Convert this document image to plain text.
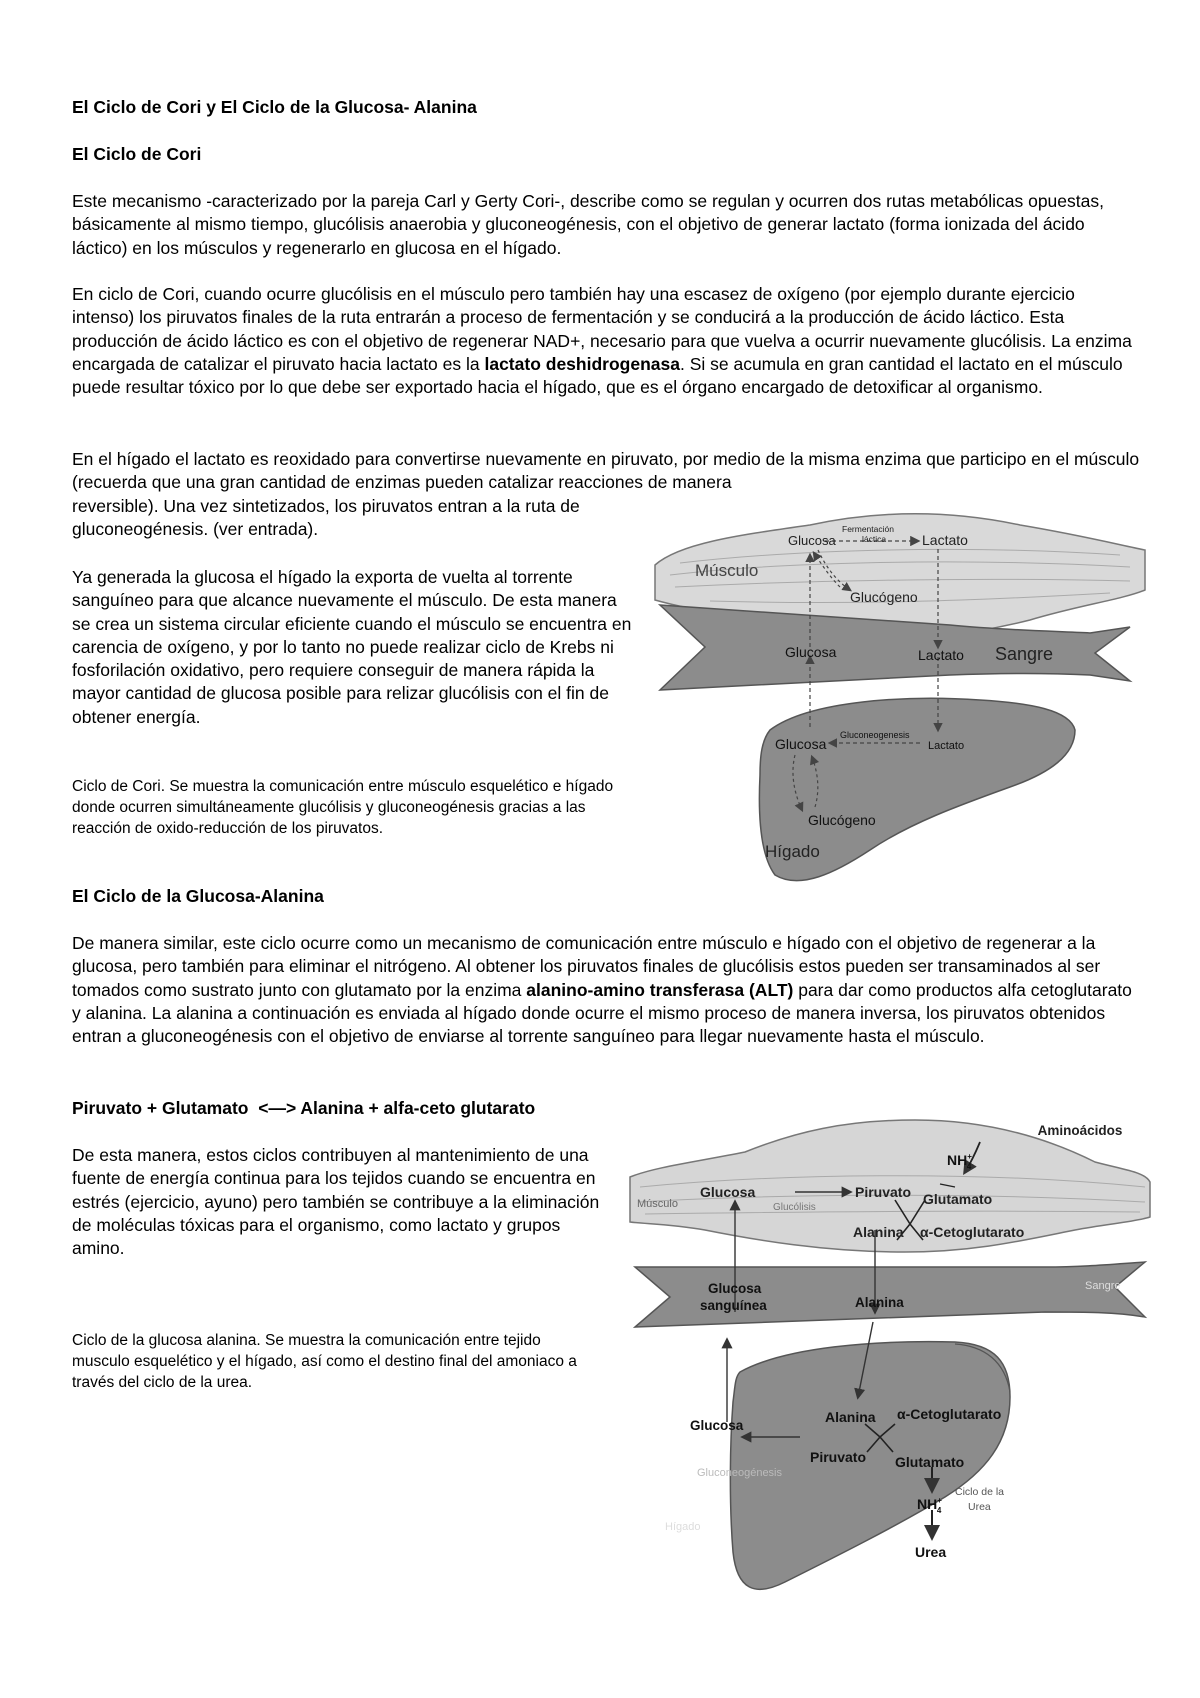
El Ciclo de Cori y El Ciclo de la Glucosa- Alanina

El Ciclo de Cori

Este mecanismo -caracterizado por la pareja Carl y Gerty Cori-, describe como se regulan y ocurren dos rutas metabólicas opuestas, básicamente al mismo tiempo, glucólisis anaerobia y gluconeogénesis, con el objetivo de generar lactato (forma ionizada del ácido láctico) en los músculos y regenerarlo en glucosa en el hígado.

En ciclo de Cori, cuando ocurre glucólisis en el músculo pero también hay una escasez de oxígeno (por ejemplo durante ejercicio intenso) los piruvatos finales de la ruta entrarán a proceso de fermentación y se conducirá a la producción de ácido láctico. Esta producción de ácido láctico es con el objetivo de regenerar NAD+, necesario para que vuelva a ocurrir nuevamente glucólisis. La enzima encargada de catalizar el piruvato hacia lactato es la lactato deshidrogenasa. Si se acumula en gran cantidad el lactato en el músculo puede resultar tóxico por lo que debe ser exportado hacia el hígado, que es el órgano encargado de detoxificar al organismo.

En el hígado el lactato es reoxidado para convertirse nuevamente en piruvato, por medio de la misma enzima que participo en el músculo (recuerda que una gran cantidad de enzimas pueden catalizar reacciones de manera

reversible). Una vez sintetizados, los piruvatos entran a la ruta de gluconeogénesis. (ver entrada).

Ya generada la glucosa el hígado la exporta de vuelta al torrente sanguíneo para que alcance nuevamente el músculo. De esta manera se crea un sistema circular eficiente cuando el músculo se encuentra en carencia de oxígeno, y por lo tanto no puede realizar ciclo de Krebs ni fosforilación oxidativo, pero requiere conseguir de manera rápida la mayor cantidad de glucosa posible para relizar glucólisis con el fin de obtener energía.

Ciclo de Cori. Se muestra la comunicación entre músculo esquelético e hígado donde ocurren simultáneamente glucólisis y gluconeogénesis gracias a las reacción de oxido-reducción de los piruvatos.

El Ciclo de la Glucosa-Alanina

De manera similar, este ciclo ocurre como un mecanismo de comunicación entre músculo e hígado con el objetivo de regenerar a la glucosa, pero también para eliminar el nitrógeno. Al obtener los piruvatos finales de glucólisis estos pueden ser transaminados al ser tomados como sustrato junto con glutamato por la enzima alanino-amino transferasa (ALT) para dar como productos alfa cetoglutarato y alanina. La alanina a continuación es enviada al hígado donde ocurre el mismo proceso de manera inversa, los piruvatos obtenidos entran a gluconeogénesis con el objetivo de enviarse al torrente sanguíneo para llegar nuevamente hasta el músculo.

Piruvato + Glutamato  <—> Alanina + alfa-ceto glutarato

De esta manera, estos ciclos contribuyen al mantenimiento de una fuente de energía continua para los tejidos cuando se encuentra en estrés (ejercicio, ayuno) pero también se contribuye a la eliminación de moléculas tóxicas para el organismo, como lactato y grupos amino.

Ciclo de la glucosa alanina. Se muestra la comunicación entre tejido musculo esquelético y el hígado, así como el destino final del amoniaco a través del ciclo de la urea.

Músculo
Glucosa
Fermentación
láctica	Lactato
Glucógeno
Glucosa	Lactato Sangre
Glucosa
Gluconeogenesis
Lactato
Glucógeno
Hígado
Aminoácidos
NH+ 4
Músculo
Glucosa
Glucólisis
Piruvato Glutamato
Alanina α-Cetoglutarato
Glucosa
sanguínea	Alanina
Sangre
Alanina α-Cetoglutarato
Glucosa
Piruvato Glutamato
Gluconeogénesis
Ciclo de la
Urea
NH+ 4
Hígado
Urea
